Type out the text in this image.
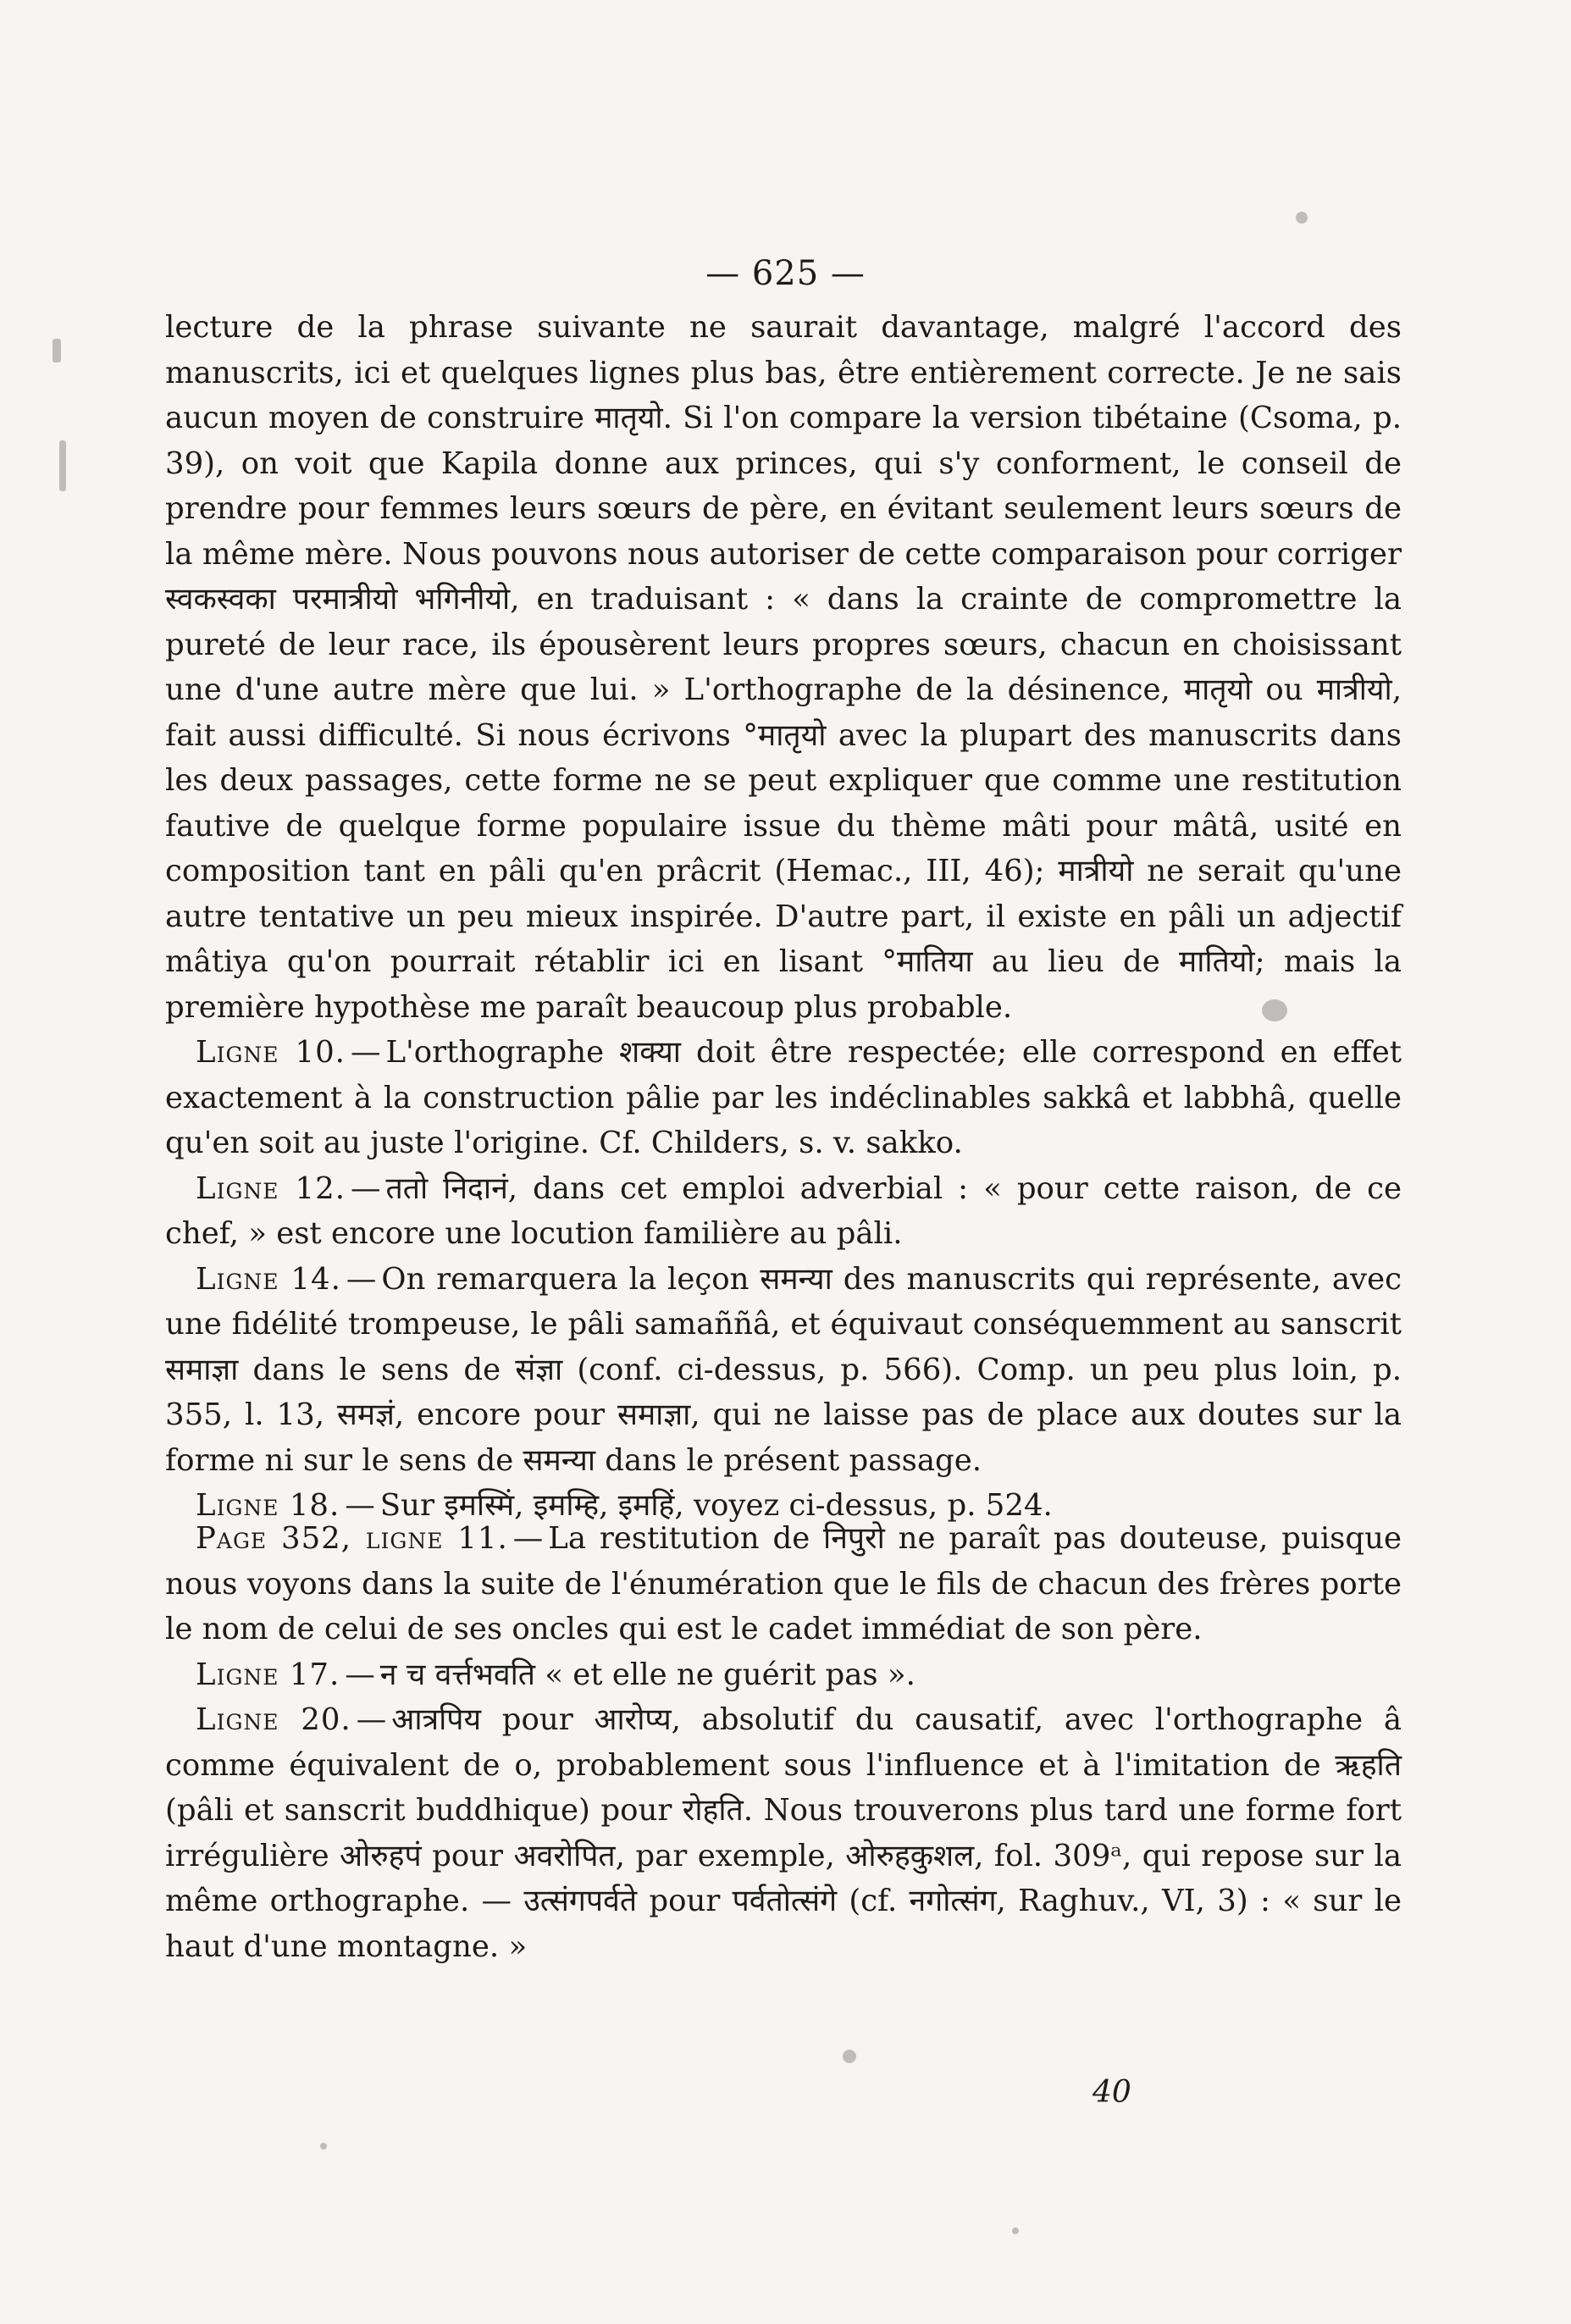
— 625 —

lecture de la phrase suivante ne saurait davantage, malgré l'accord des manuscrits, ici et quelques lignes plus bas, être entièrement correcte. Je ne sais aucun moyen de construire मातृयो. Si l'on compare la version tibétaine (Csoma, p. 39), on voit que Kapila donne aux princes, qui s'y conforment, le conseil de prendre pour femmes leurs sœurs de père, en évitant seulement leurs sœurs de la même mère. Nous pouvons nous autoriser de cette comparaison pour corriger स्वकस्वका परमात्रीयो भगिनीयो, en traduisant : « dans la crainte de compromettre la pureté de leur race, ils épousèrent leurs propres sœurs, chacun en choisissant une d'une autre mère que lui. » L'orthographe de la désinence, मातृयो ou मात्रीयो, fait aussi difficulté. Si nous écrivons °मातृयो avec la plupart des manuscrits dans les deux passages, cette forme ne se peut expliquer que comme une restitution fautive de quelque forme populaire issue du thème mâti pour mâtâ, usité en composition tant en pâli qu'en prâcrit (Hemac., III, 46); मात्रीयो ne serait qu'une autre tentative un peu mieux inspirée. D'autre part, il existe en pâli un adjectif mâtiya qu'on pourrait rétablir ici en lisant °मातिया au lieu de मातियो; mais la première hypothèse me paraît beaucoup plus probable.

Ligne 10. — L'orthographe शक्या doit être respectée; elle correspond en effet exactement à la construction pâlie par les indéclinables sakkâ et labbhâ, quelle qu'en soit au juste l'origine. Cf. Childers, s. v. sakko.

Ligne 12. — ततो निदानं, dans cet emploi adverbial : « pour cette raison, de ce chef, » est encore une locution familière au pâli.

Ligne 14. — On remarquera la leçon समन्या des manuscrits qui représente, avec une fidélité trompeuse, le pâli samaññâ, et équivaut conséquemment au sanscrit समाज्ञा dans le sens de संज्ञा (conf. ci-dessus, p. 566). Comp. un peu plus loin, p. 355, l. 13, समज्ञं, encore pour समाज्ञा, qui ne laisse pas de place aux doutes sur la forme ni sur le sens de समन्या dans le présent passage.

Ligne 18. — Sur इमस्मिं, इमम्हि, इमहिं, voyez ci-dessus, p. 524.

Page 352, ligne 11. — La restitution de निपुरो ne paraît pas douteuse, puisque nous voyons dans la suite de l'énumération que le fils de chacun des frères porte le nom de celui de ses oncles qui est le cadet immédiat de son père.

Ligne 17. — न च वर्त्तभवति « et elle ne guérit pas ».

Ligne 20. — आत्रपिय pour आरोप्य, absolutif du causatif, avec l'orthographe â comme équivalent de o, probablement sous l'influence et à l'imitation de ऋहति (pâli et sanscrit buddhique) pour रोहति. Nous trouverons plus tard une forme fort irrégulière ओरुहपं pour अवरोपित, par exemple, ओरुहकुशल, fol. 309ᵃ, qui repose sur la même orthographe. — उत्संगपर्वते pour पर्वतोत्संगे (cf. नगोत्संग, Raghuv., VI, 3) : « sur le haut d'une montagne. »

40
